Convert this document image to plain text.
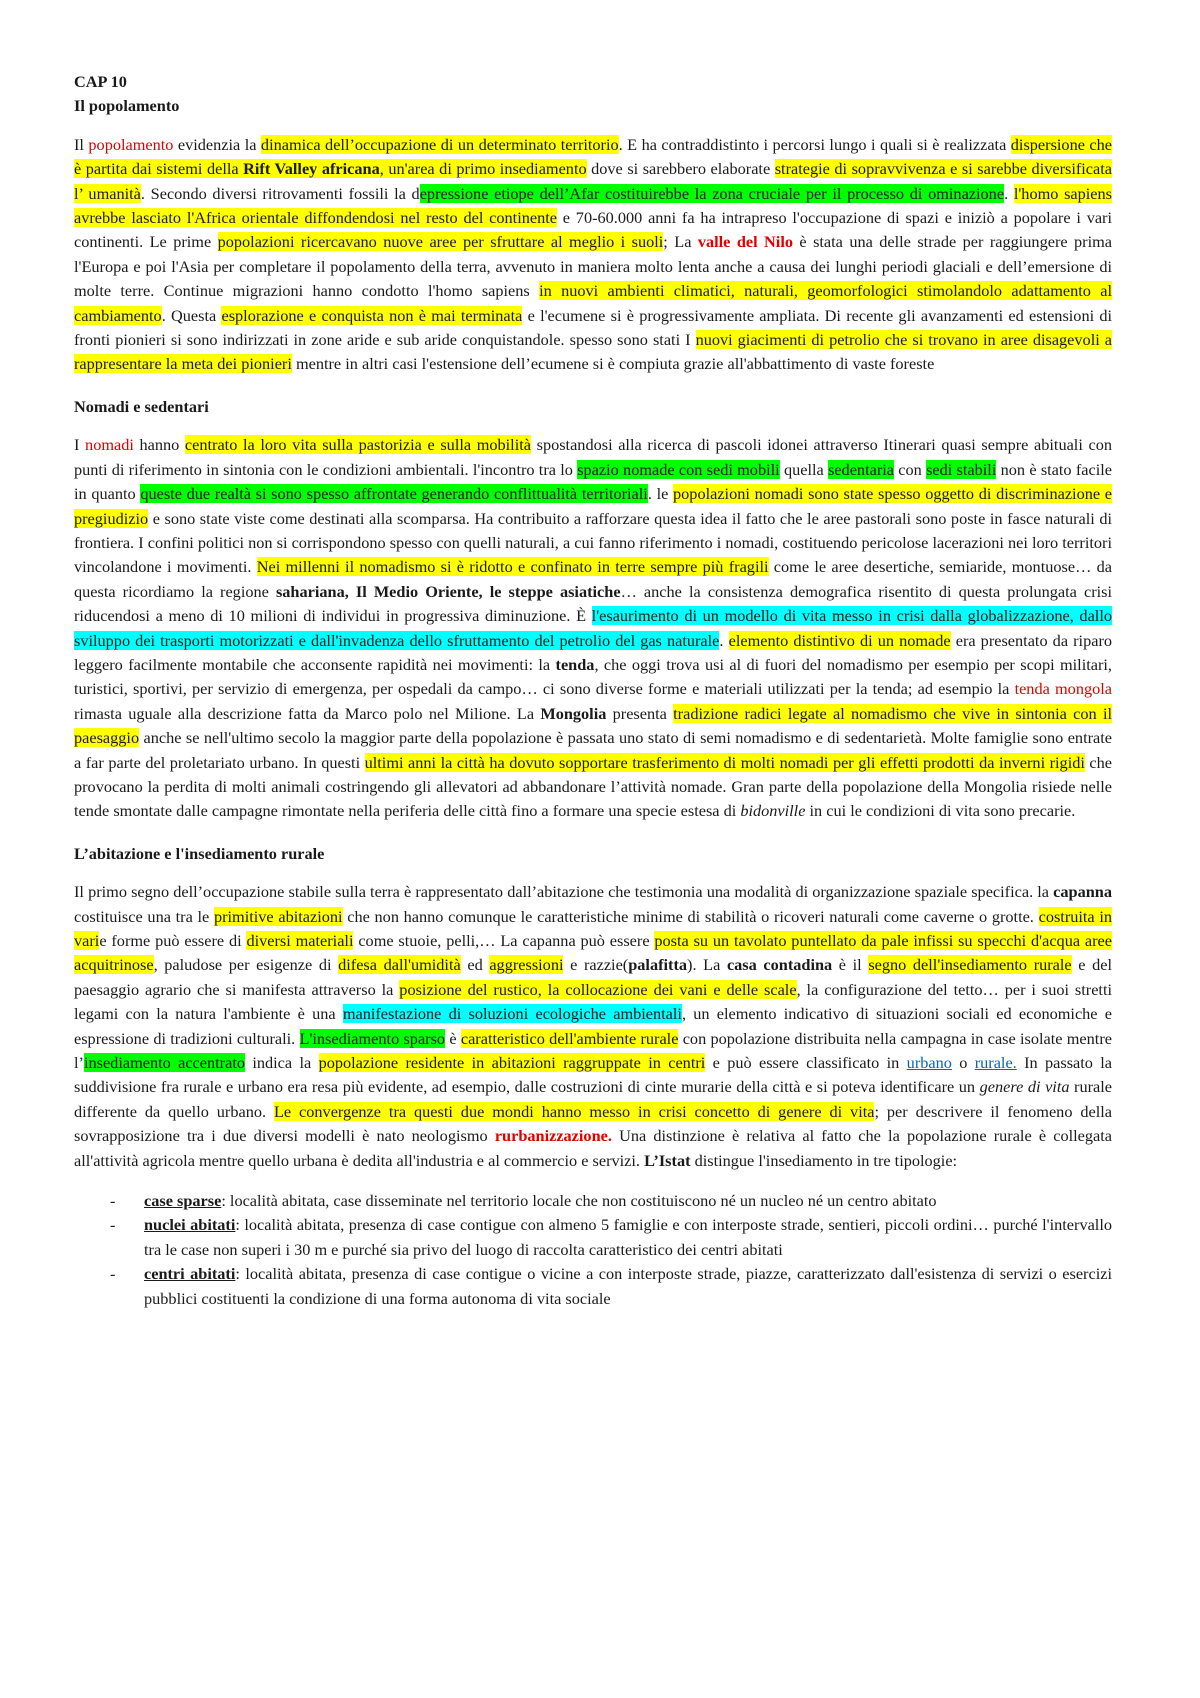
CAP 10

Il popolamento

Il popolamento evidenzia la dinamica dell’occupazione di un determinato territorio. E ha contraddistinto i percorsi lungo i quali si è realizzata dispersione che è partita dai sistemi della Rift Valley africana, un'area di primo insediamento dove si sarebbero elaborate strategie di sopravvivenza e si sarebbe diversificata l’ umanità. Secondo diversi ritrovamenti fossili la depressione etiope dell’Afar costituirebbe la zona cruciale per il processo di ominazione. l'homo sapiens avrebbe lasciato l'Africa orientale diffondendosi nel resto del continente e 70-60.000 anni fa ha intrapreso l'occupazione di spazi e iniziò a popolare i vari continenti. Le prime popolazioni ricercavano nuove aree per sfruttare al meglio i suoli; La valle del Nilo è stata una delle strade per raggiungere prima l'Europa e poi l'Asia per completare il popolamento della terra, avvenuto in maniera molto lenta anche a causa dei lunghi periodi glaciali e dell’emersione di molte terre. Continue migrazioni hanno condotto l'homo sapiens in nuovi ambienti climatici, naturali, geomorfologici stimolandolo adattamento al cambiamento. Questa esplorazione e conquista non è mai terminata e l'ecumene si è progressivamente ampliata. Di recente gli avanzamenti ed estensioni di fronti pionieri si sono indirizzati in zone aride e sub aride conquistandole. spesso sono stati I nuovi giacimenti di petrolio che si trovano in aree disagevoli a rappresentare la meta dei pionieri mentre in altri casi l'estensione dell’ecumene si è compiuta grazie all'abbattimento di vaste foreste

Nomadi e sedentari

I nomadi hanno centrato la loro vita sulla pastorizia e sulla mobilità spostandosi alla ricerca di pascoli idonei attraverso Itinerari quasi sempre abituali con punti di riferimento in sintonia con le condizioni ambientali. l'incontro tra lo spazio nomade con sedi mobili quella sedentaria con sedi stabili non è stato facile in quanto queste due realtà si sono spesso affrontate generando conflittualità territoriali. le popolazioni nomadi sono state spesso oggetto di discriminazione e pregiudizio e sono state viste come destinati alla scomparsa. Ha contribuito a rafforzare questa idea il fatto che le aree pastorali sono poste in fasce naturali di frontiera. I confini politici non si corrispondono spesso con quelli naturali, a cui fanno riferimento i nomadi, costituendo pericolose lacerazioni nei loro territori vincolandone i movimenti. Nei millenni il nomadismo si è ridotto e confinato in terre sempre più fragili come le aree desertiche, semiaride, montuose… da questa ricordiamo la regione sahariana, Il Medio Oriente, le steppe asiatiche… anche la consistenza demografica risentito di questa prolungata crisi riducendosi a meno di 10 milioni di individui in progressiva diminuzione. È l'esaurimento di un modello di vita messo in crisi dalla globalizzazione, dallo sviluppo dei trasporti motorizzati e dall'invadenza dello sfruttamento del petrolio del gas naturale. elemento distintivo di un nomade era presentato da riparo leggero facilmente montabile che acconsente rapidità nei movimenti: la tenda, che oggi trova usi al di fuori del nomadismo per esempio per scopi militari, turistici, sportivi, per servizio di emergenza, per ospedali da campo… ci sono diverse forme e materiali utilizzati per la tenda; ad esempio la tenda mongola rimasta uguale alla descrizione fatta da Marco polo nel Milione. La Mongolia presenta tradizione radici legate al nomadismo che vive in sintonia con il paesaggio anche se nell'ultimo secolo la maggior parte della popolazione è passata uno stato di semi nomadismo e di sedentarietà. Molte famiglie sono entrate a far parte del proletariato urbano. In questi ultimi anni la città ha dovuto sopportare trasferimento di molti nomadi per gli effetti prodotti da inverni rigidi che provocano la perdita di molti animali costringendo gli allevatori ad abbandonare l’attività nomade. Gran parte della popolazione della Mongolia risiede nelle tende smontate dalle campagne rimontate nella periferia delle città fino a formare una specie estesa di bidonville in cui le condizioni di vita sono precarie.

L’abitazione e l'insediamento rurale

Il primo segno dell’occupazione stabile sulla terra è rappresentato dall’abitazione che testimonia una modalità di organizzazione spaziale specifica. la capanna costituisce una tra le primitive abitazioni che non hanno comunque le caratteristiche minime di stabilità o ricoveri naturali come caverne o grotte. costruita in varie forme può essere di diversi materiali come stuoie, pelli,… La capanna può essere posta su un tavolato puntellato da pale infissi su specchi d'acqua aree acquitrinose, paludose per esigenze di difesa dall'umidità ed aggressioni e razzie(palafitta). La casa contadina è il segno dell'insediamento rurale e del paesaggio agrario che si manifesta attraverso la posizione del rustico, la collocazione dei vani e delle scale, la configurazione del tetto… per i suoi stretti legami con la natura l'ambiente è una manifestazione di soluzioni ecologiche ambientali, un elemento indicativo di situazioni sociali ed economiche e espressione di tradizioni culturali. L'insediamento sparso è caratteristico dell'ambiente rurale con popolazione distribuita nella campagna in case isolate mentre l’insediamento accentrato indica la popolazione residente in abitazioni raggruppate in centri e può essere classificato in urbano o rurale. In passato la suddivisione fra rurale e urbano era resa più evidente, ad esempio, dalle costruzioni di cinte murarie della città e si poteva identificare un genere di vita rurale differente da quello urbano. Le convergenze tra questi due mondi hanno messo in crisi concetto di genere di vita; per descrivere il fenomeno della sovrapposizione tra i due diversi modelli è nato neologismo rurbanizzazione. Una distinzione è relativa al fatto che la popolazione rurale è collegata all'attività agricola mentre quello urbana è dedita all'industria e al commercio e servizi. L’Istat distingue l'insediamento in tre tipologie:

- case sparse: località abitata, case disseminate nel territorio locale che non costituiscono né un nucleo né un centro abitato
- nuclei abitati: località abitata, presenza di case contigue con almeno 5 famiglie e con interposte strade, sentieri, piccoli ordini… purché l'intervallo tra le case non superi i 30 m e purché sia privo del luogo di raccolta caratteristico dei centri abitati
- centri abitati: località abitata, presenza di case contigue o vicine a con interposte strade, piazze, caratterizzato dall'esistenza di servizi o esercizi pubblici costituenti la condizione di una forma autonoma di vita sociale
